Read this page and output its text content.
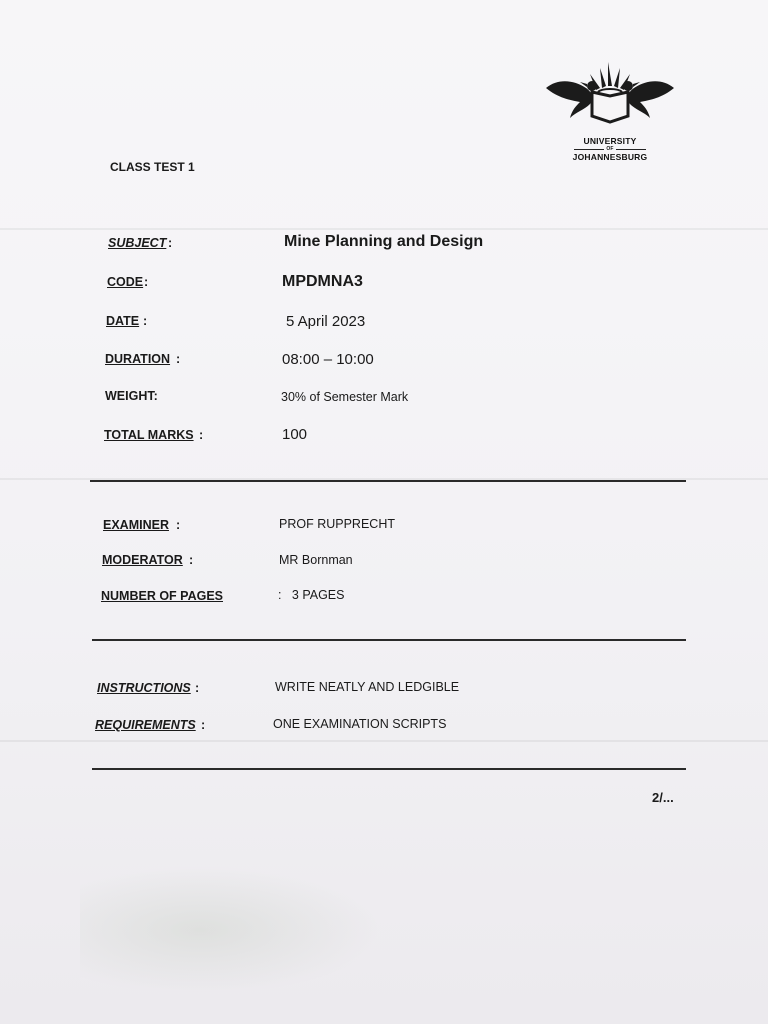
UNIVERSITY
OF
JOHANNESBURG
CLASS TEST 1
SUBJECT :	Mine Planning and Design
CODE :	MPDMNA3
DATE :	5 April 2023
DURATION :	08:00 – 10:00
WEIGHT:	30% of Semester Mark
TOTAL MARKS :	100
EXAMINER :	PROF RUPPRECHT
MODERATOR :	MR Bornman
NUMBER OF PAGES	:   3 PAGES
INSTRUCTIONS :	WRITE NEATLY AND LEDGIBLE
REQUIREMENTS :	ONE EXAMINATION SCRIPTS
2/...
